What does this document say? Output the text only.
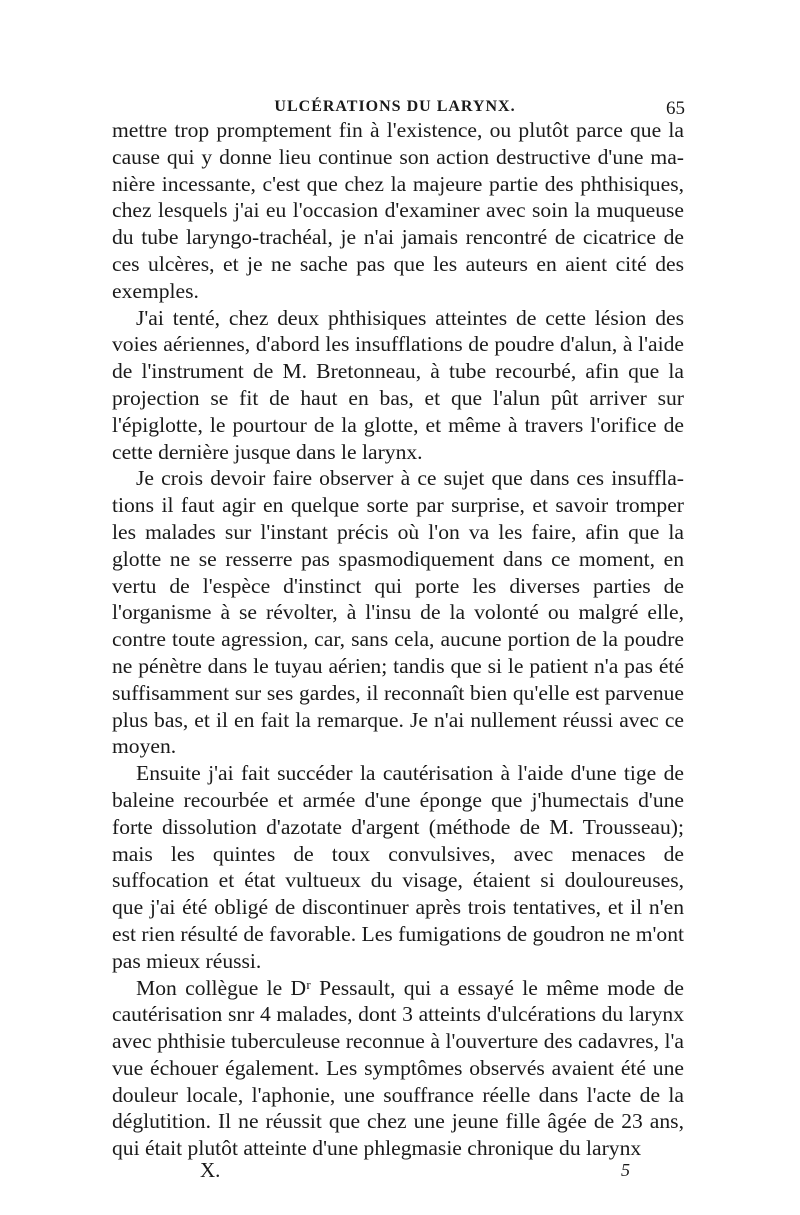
ULCÉRATIONS DU LARYNX.	65

mettre trop promptement fin à l'existence, ou plutôt parce que la cause qui y donne lieu continue son action destructive d'une manière incessante, c'est que chez la majeure partie des phthisiques, chez lesquels j'ai eu l'occasion d'examiner avec soin la muqueuse du tube laryngo-trachéal, je n'ai jamais rencontré de cicatrice de ces ulcères, et je ne sache pas que les auteurs en aient cité des exemples.

J'ai tenté, chez deux phthisiques atteintes de cette lésion des voies aériennes, d'abord les insufflations de poudre d'alun, à l'aide de l'instrument de M. Bretonneau, à tube recourbé, afin que la projection se fit de haut en bas, et que l'alun pût arriver sur l'épiglotte, le pourtour de la glotte, et même à travers l'orifice de cette dernière jusque dans le larynx.

Je crois devoir faire observer à ce sujet que dans ces insufflations il faut agir en quelque sorte par surprise, et savoir tromper les malades sur l'instant précis où l'on va les faire, afin que la glotte ne se resserre pas spasmodiquement dans ce moment, en vertu de l'espèce d'instinct qui porte les diverses parties de l'organisme à se révolter, à l'insu de la volonté ou malgré elle, contre toute agression, car, sans cela, aucune portion de la poudre ne pénètre dans le tuyau aérien; tandis que si le patient n'a pas été suffisamment sur ses gardes, il reconnaît bien qu'elle est parvenue plus bas, et il en fait la remarque. Je n'ai nullement réussi avec ce moyen.

Ensuite j'ai fait succéder la cautérisation à l'aide d'une tige de baleine recourbée et armée d'une éponge que j'humectais d'une forte dissolution d'azotate d'argent (méthode de M. Trousseau); mais les quintes de toux convulsives, avec menaces de suffocation et état vultueux du visage, étaient si douloureuses, que j'ai été obligé de discontinuer après trois tentatives, et il n'en est rien résulté de favorable. Les fumigations de goudron ne m'ont pas mieux réussi.

Mon collègue le Dʳ Pessault, qui a essayé le même mode de cautérisation snr 4 malades, dont 3 atteints d'ulcérations du larynx avec phthisie tuberculeuse reconnue à l'ouverture des cadavres, l'a vue échouer également. Les symptômes observés avaient été une douleur locale, l'aphonie, une souffrance réelle dans l'acte de la déglutition. Il ne réussit que chez une jeune fille âgée de 23 ans, qui était plutôt atteinte d'une phlegmasie chronique du larynx

X.	5
